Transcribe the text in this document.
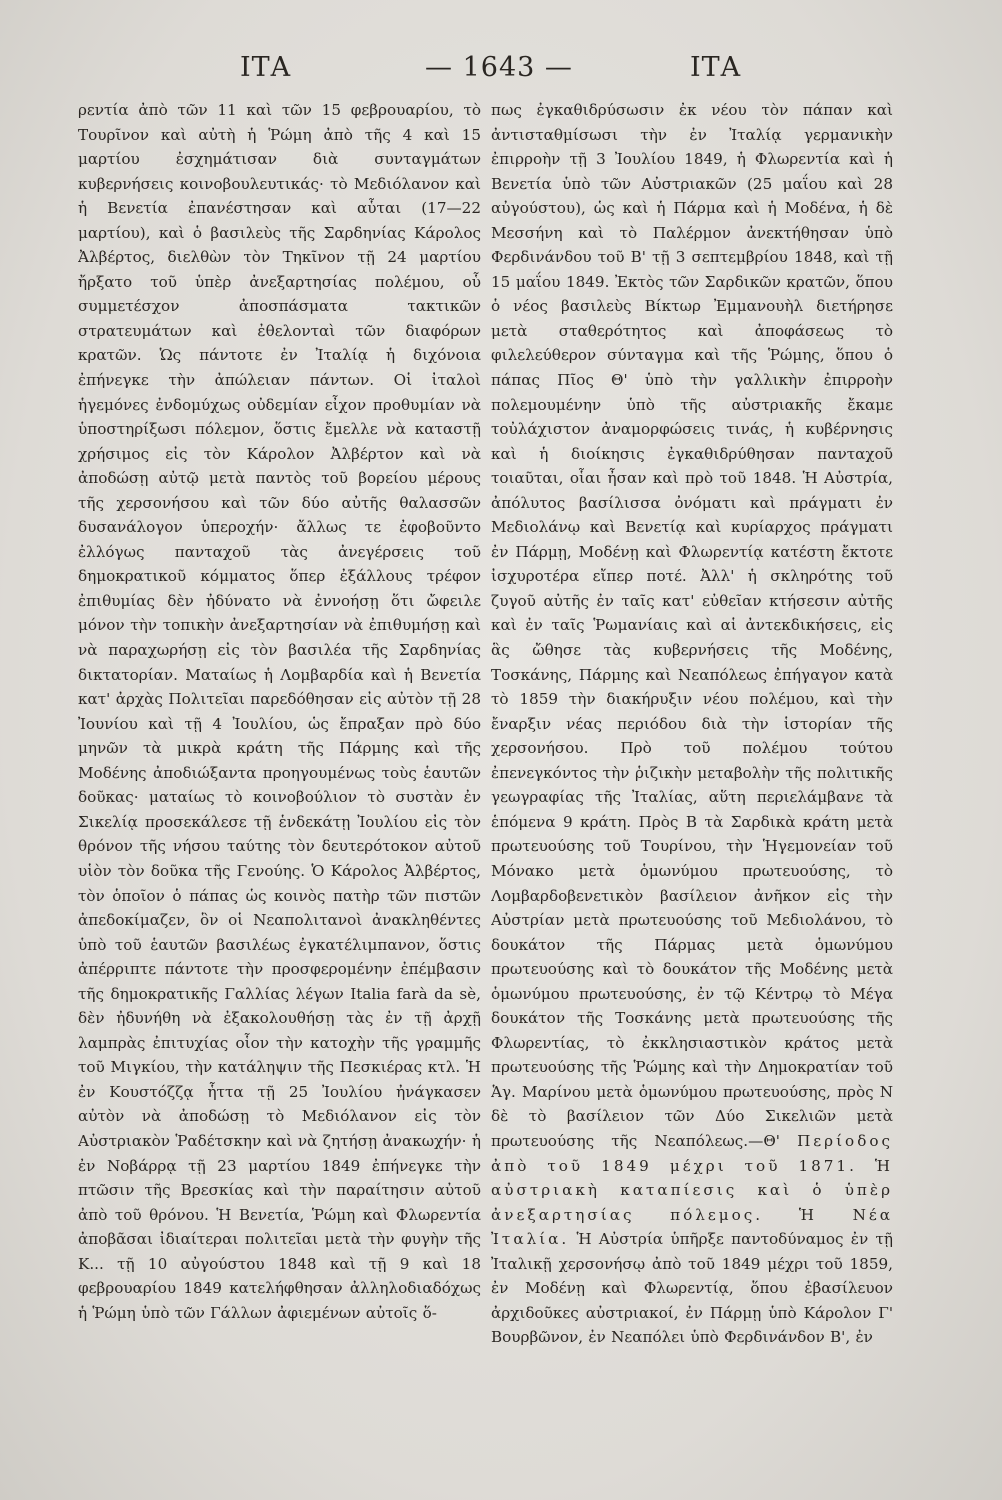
ΙΤΑ	— 1643 —	ΙΤΑ

ρεντία ἀπὸ τῶν 11 καὶ τῶν 15 φεβρουαρίου, τὸ Τουρῖνον καὶ αὐτὴ ἡ Ῥώμη ἀπὸ τῆς 4 καὶ 15 μαρτίου ἐσχημάτισαν διὰ συνταγμάτων κυβερνήσεις κοινοβουλευτικάς· τὸ Μεδιόλανον καὶ ἡ Βενετία ἐπανέστησαν καὶ αὗται (17—22 μαρτίου), καὶ ὁ βασιλεὺς τῆς Σαρδηνίας Κάρολος Ἀλβέρτος, διελθὼν τὸν Τηκῖνον τῇ 24 μαρτίου ἤρξατο τοῦ ὑπὲρ ἀνεξαρτησίας πολέμου, οὗ συμμετέσχον ἀποσπάσματα τακτικῶν στρατευμάτων καὶ ἐθελονταὶ τῶν διαφόρων κρατῶν. Ὡς πάντοτε ἐν Ἰταλίᾳ ἡ διχόνοια ἐπήνεγκε τὴν ἀπώλειαν πάντων. Οἱ ἰταλοὶ ἡγεμόνες ἐνδομύχως οὐδεμίαν εἶχον προθυμίαν νὰ ὑποστηρίξωσι πόλεμον, ὅστις ἔμελλε νὰ καταστῇ χρήσιμος εἰς τὸν Κάρολον Ἀλβέρτον καὶ νὰ ἀποδώσῃ αὐτῷ μετὰ παντὸς τοῦ βορείου μέρους τῆς χερσονήσου καὶ τῶν δύο αὐτῆς θαλασσῶν δυσανάλογον ὑπεροχήν· ἄλλως τε ἐφοβοῦντο ἐλλόγως πανταχοῦ τὰς ἀνεγέρσεις τοῦ δημοκρατικοῦ κόμματος ὅπερ ἐξάλλους τρέφον ἐπιθυμίας δὲν ἠδύνατο νὰ ἐννοήσῃ ὅτι ὤφειλε μόνον τὴν τοπικὴν ἀνεξαρτησίαν νὰ ἐπιθυμήσῃ καὶ νὰ παραχωρήσῃ εἰς τὸν βασιλέα τῆς Σαρδηνίας δικτατορίαν. Ματαίως ἡ Λομβαρδία καὶ ἡ Βενετία κατ' ἀρχὰς Πολιτεῖαι παρεδόθησαν εἰς αὐτὸν τῇ 28 Ἰουνίου καὶ τῇ 4 Ἰουλίου, ὡς ἔπραξαν πρὸ δύο μηνῶν τὰ μικρὰ κράτη τῆς Πάρμης καὶ τῆς Μοδένης ἀποδιώξαντα προηγουμένως τοὺς ἑαυτῶν δοῦκας· ματαίως τὸ κοινοβούλιον τὸ συστὰν ἐν Σικελίᾳ προσεκάλεσε τῇ ἑνδεκάτῃ Ἰουλίου εἰς τὸν θρόνον τῆς νήσου ταύτης τὸν δευτερότοκον αὐτοῦ υἱὸν τὸν δοῦκα τῆς Γενούης. Ὁ Κάρολος Ἀλβέρτος, τὸν ὁποῖον ὁ πάπας ὡς κοινὸς πατὴρ τῶν πιστῶν ἀπεδοκίμαζεν, ὃν οἱ Νεαπολιτανοὶ ἀνακληθέντες ὑπὸ τοῦ ἑαυτῶν βασιλέως ἐγκατέλιμπανον, ὅστις ἀπέρριπτε πάντοτε τὴν προσφερομένην ἐπέμβασιν τῆς δημοκρατικῆς Γαλλίας λέγων Italia farà da sè, δὲν ἠδυνήθη νὰ ἐξακολουθήσῃ τὰς ἐν τῇ ἀρχῇ λαμπρὰς ἐπιτυχίας οἷον τὴν κατοχὴν τῆς γραμμῆς τοῦ Μιγκίου, τὴν κατάληψιν τῆς Πεσκιέρας κτλ. Ἡ ἐν Κουστόζζᾳ ἧττα τῇ 25 Ἰουλίου ἠνάγκασεν αὐτὸν νὰ ἀποδώσῃ τὸ Μεδιόλανον εἰς τὸν Αὐστριακὸν Ῥαδέτσκην καὶ νὰ ζητήσῃ ἀνακωχήν· ἡ ἐν Νοβάρρᾳ τῇ 23 μαρτίου 1849 ἐπήνεγκε τὴν πτῶσιν τῆς Βρεσκίας καὶ τὴν παραίτησιν αὐτοῦ ἀπὸ τοῦ θρόνου. Ἡ Βενετία, Ῥώμη καὶ Φλωρεντία ἀποβᾶσαι ἰδιαίτεραι πολιτεῖαι μετὰ τὴν φυγὴν τῆς Κ... τῇ 10 αὐγούστου 1848 καὶ τῇ 9 καὶ 18 φεβρουαρίου 1849 κατελήφθησαν ἀλληλοδιαδόχως ἡ Ῥώμη ὑπὸ τῶν Γάλλων ἀφιεμένων αὐτοῖς ὅ-

πως ἐγκαθιδρύσωσιν ἐκ νέου τὸν πάπαν καὶ ἀντισταθμίσωσι τὴν ἐν Ἰταλίᾳ γερμανικὴν ἐπιρροὴν τῇ 3 Ἰουλίου 1849, ἡ Φλωρεντία καὶ ἡ Βενετία ὑπὸ τῶν Αὐστριακῶν (25 μαΐου καὶ 28 αὐγούστου), ὡς καὶ ἡ Πάρμα καὶ ἡ Μοδένα, ἡ δὲ Μεσσήνη καὶ τὸ Παλέρμον ἀνεκτήθησαν ὑπὸ Φερδινάνδου τοῦ Β' τῇ 3 σεπτεμβρίου 1848, καὶ τῇ 15 μαΐου 1849. Ἐκτὸς τῶν Σαρδικῶν κρατῶν, ὅπου ὁ νέος βασιλεὺς Βίκτωρ Ἐμμανουὴλ διετήρησε μετὰ σταθερότητος καὶ ἀποφάσεως τὸ φιλελεύθερον σύνταγμα καὶ τῆς Ῥώμης, ὅπου ὁ πάπας Πῖος Θ' ὑπὸ τὴν γαλλικὴν ἐπιρροὴν πολεμουμένην ὑπὸ τῆς αὐστριακῆς ἔκαμε τοὐλάχιστον ἀναμορφώσεις τινάς, ἡ κυβέρνησις καὶ ἡ διοίκησις ἐγκαθιδρύθησαν πανταχοῦ τοιαῦται, οἷαι ἦσαν καὶ πρὸ τοῦ 1848. Ἡ Αὐστρία, ἀπόλυτος βασίλισσα ὀνόματι καὶ πράγματι ἐν Μεδιολάνῳ καὶ Βενετίᾳ καὶ κυρίαρχος πράγματι ἐν Πάρμῃ, Μοδένῃ καὶ Φλωρεντίᾳ κατέστη ἔκτοτε ἰσχυροτέρα εἴπερ ποτέ. Ἀλλ' ἡ σκληρότης τοῦ ζυγοῦ αὐτῆς ἐν ταῖς κατ' εὐθεῖαν κτήσεσιν αὐτῆς καὶ ἐν ταῖς Ῥωμανίαις καὶ αἱ ἀντεκδικήσεις, εἰς ἃς ὤθησε τὰς κυβερνήσεις τῆς Μοδένης, Τοσκάνης, Πάρμης καὶ Νεαπόλεως ἐπήγαγον κατὰ τὸ 1859 τὴν διακήρυξιν νέου πολέμου, καὶ τὴν ἔναρξιν νέας περιόδου διὰ τὴν ἱστορίαν τῆς χερσονήσου. Πρὸ τοῦ πολέμου τούτου ἐπενεγκόντος τὴν ῥιζικὴν μεταβολὴν τῆς πολιτικῆς γεωγραφίας τῆς Ἰταλίας, αὕτη περιελάμβανε τὰ ἑπόμενα 9 κράτη. Πρὸς Β τὰ Σαρδικὰ κράτη μετὰ πρωτευούσης τοῦ Τουρίνου, τὴν Ἡγεμονείαν τοῦ Μόνακο μετὰ ὁμωνύμου πρωτευούσης, τὸ Λομβαρδοβενετικὸν βασίλειον ἀνῆκον εἰς τὴν Αὐστρίαν μετὰ πρωτευούσης τοῦ Μεδιολάνου, τὸ δουκάτον τῆς Πάρμας μετὰ ὁμωνύμου πρωτευούσης καὶ τὸ δουκάτον τῆς Μοδένης μετὰ ὁμωνύμου πρωτευούσης, ἐν τῷ Κέντρῳ τὸ Μέγα δουκάτον τῆς Τοσκάνης μετὰ πρωτευούσης τῆς Φλωρεντίας, τὸ ἐκκλησιαστικὸν κράτος μετὰ πρωτευούσης τῆς Ῥώμης καὶ τὴν Δημοκρατίαν τοῦ Ἁγ. Μαρίνου μετὰ ὁμωνύμου πρωτευούσης, πρὸς Ν δὲ τὸ βασίλειον τῶν Δύο Σικελιῶν μετὰ πρωτευούσης τῆς Νεαπόλεως.—Θ' Περίοδος ἀπὸ τοῦ 1849 μέχρι τοῦ 1871. Ἡ αὐστριακὴ καταπίεσις καὶ ὁ ὑπὲρ ἀνεξαρτησίας πόλεμος. Ἡ Νέα Ἰταλία. Ἡ Αὐστρία ὑπῆρξε παντοδύναμος ἐν τῇ Ἰταλικῇ χερσονήσῳ ἀπὸ τοῦ 1849 μέχρι τοῦ 1859, ἐν Μοδένῃ καὶ Φλωρεντίᾳ, ὅπου ἐβασίλευον ἀρχιδοῦκες αὐστριακοί, ἐν Πάρμῃ ὑπὸ Κάρολον Γ' Βουρβῶνον, ἐν Νεαπόλει ὑπὸ Φερδινάνδον Β', ἐν
